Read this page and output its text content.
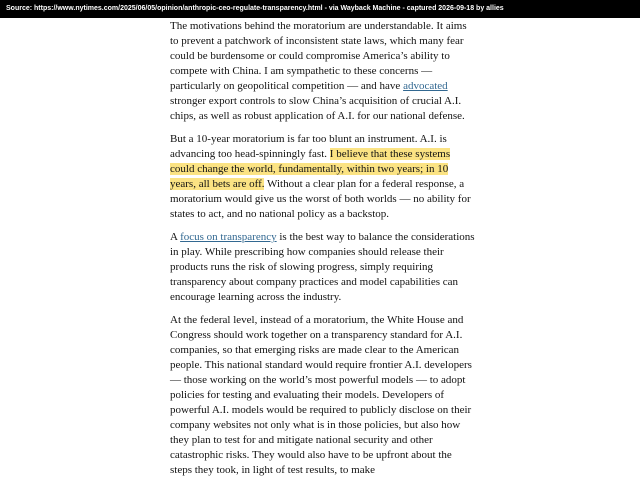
Source: https://www.nytimes.com/2025/06/05/opinion/anthropic-ceo-regulate-transparency.html - via Wayback Machine - captured 2026-09-18 by allies

The motivations behind the moratorium are understandable. It aims to prevent a patchwork of inconsistent state laws, which many fear could be burdensome or could compromise America’s ability to compete with China. I am sympathetic to these concerns — particularly on geopolitical competition — and have advocated stronger export controls to slow China’s acquisition of crucial A.I. chips, as well as robust application of A.I. for our national defense.

But a 10-year moratorium is far too blunt an instrument. A.I. is advancing too head-spinningly fast. I believe that these systems could change the world, fundamentally, within two years; in 10 years, all bets are off. Without a clear plan for a federal response, a moratorium would give us the worst of both worlds — no ability for states to act, and no national policy as a backstop.

A focus on transparency is the best way to balance the considerations in play. While prescribing how companies should release their products runs the risk of slowing progress, simply requiring transparency about company practices and model capabilities can encourage learning across the industry.

At the federal level, instead of a moratorium, the White House and Congress should work together on a transparency standard for A.I. companies, so that emerging risks are made clear to the American people. This national standard would require frontier A.I. developers — those working on the world’s most powerful models — to adopt policies for testing and evaluating their models. Developers of powerful A.I. models would be required to publicly disclose on their company websites not only what is in those policies, but also how they plan to test for and mitigate national security and other catastrophic risks. They would also have to be upfront about the steps they took, in light of test results, to make
